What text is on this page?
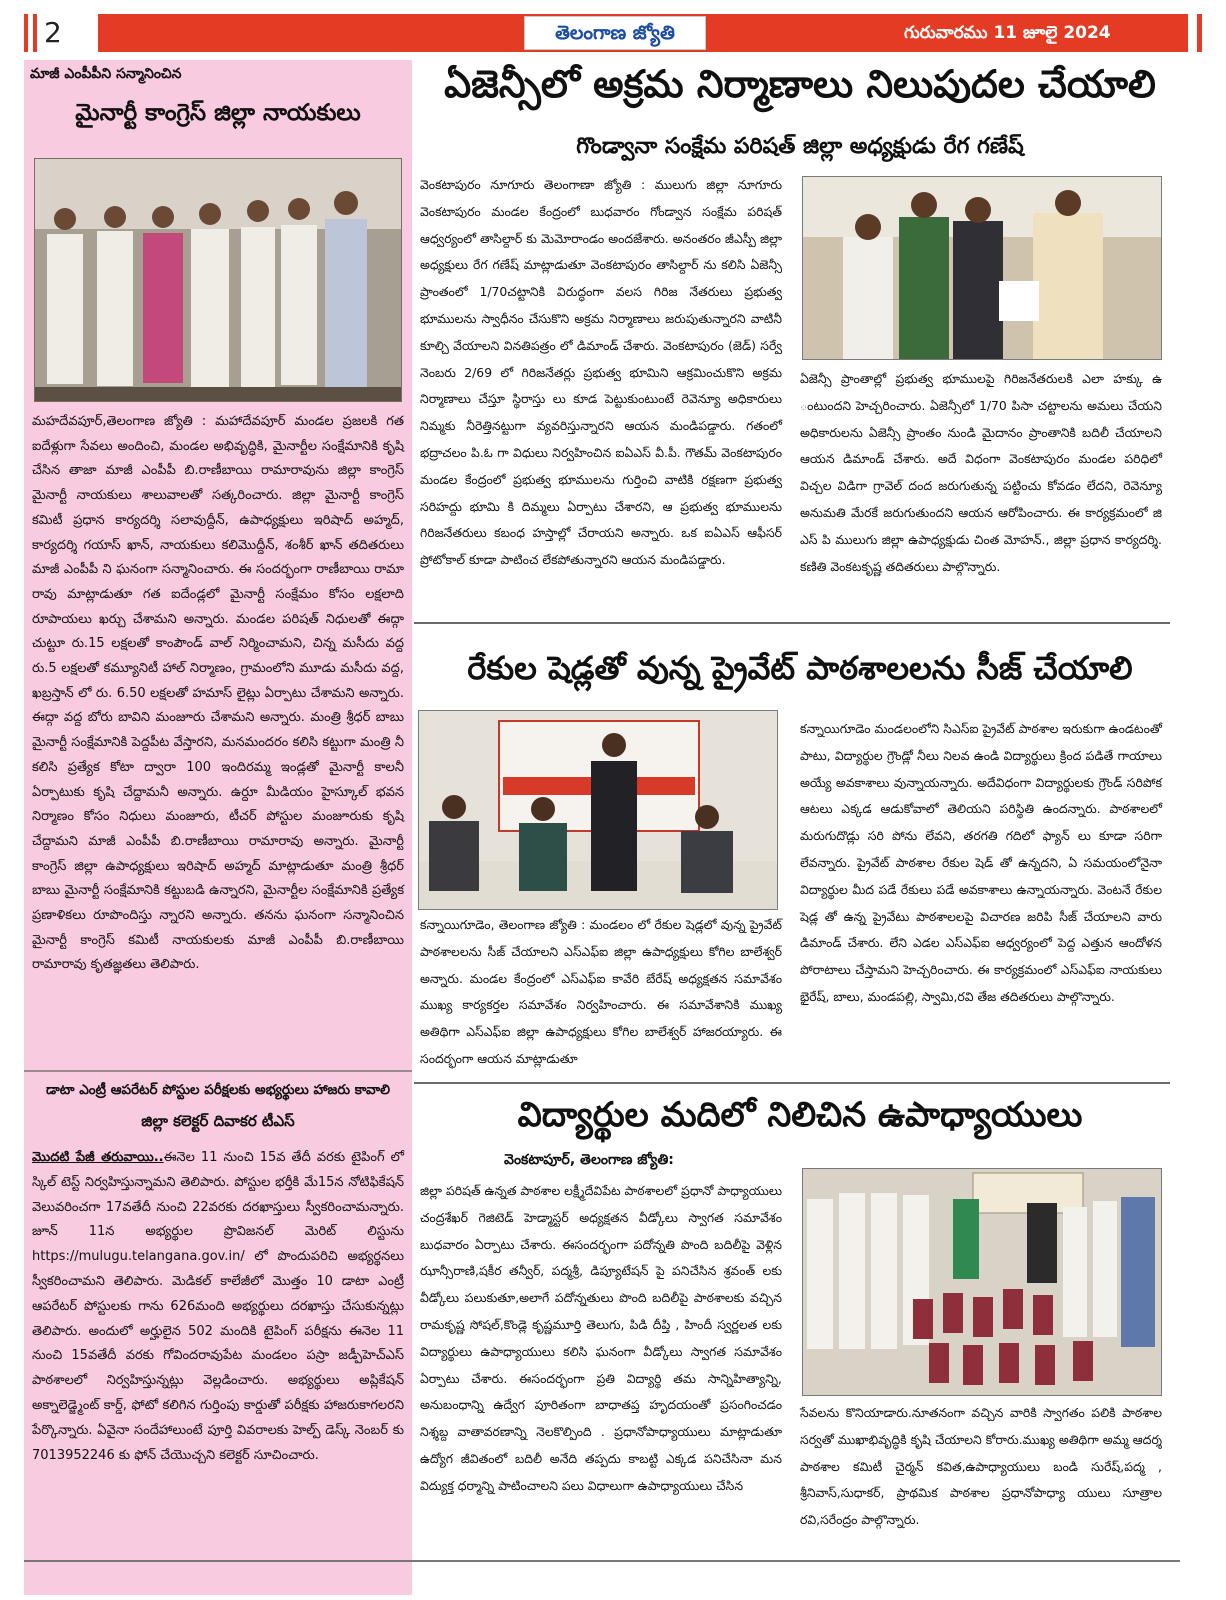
2	తెలంగాణ జ్యోతి	గురువారము 11 జూలై 2024
మాజీ ఎంపీపీని సన్మానించిన
మైనార్టీ కాంగ్రెస్ జిల్లా నాయకులు
మహదేవపూర్,తెలంగాణ జ్యోతి : మహాదేవపూర్ మండల ప్రజలకి గత ఐదేళ్లుగా సేవలు అందించి, మండల అభివృద్ధికి, మైనార్టీల సంక్షేమానికి కృషి చేసిన తాజా మాజీ ఎంపీపీ బి.రాణీబాయి రామారావును జిల్లా కాంగ్రెస్ మైనార్టీ నాయకులు శాలువాలతో సత్కరించారు. జిల్లా మైనార్టీ కాంగ్రెస్ కమిటీ ప్రధాన కార్యదర్శి సలావుద్దీన్, ఉపాధ్యక్షులు ఇరిషాద్ అహ్మద్, కార్యదర్శి గయాస్ ఖాన్, నాయకులు కలిమొద్దీన్, శంశీర్ ఖాన్ తదితరులు మాజీ ఎంపీపీ ని ఘనంగా సన్మానించారు. ఈ సందర్భంగా రాణీబాయి రామా రావు మాట్లాడుతూ గత ఐదేండ్లలో మైనార్టీ సంక్షేమం కోసం లక్షలాది రూపాయలు ఖర్చు చేశామని అన్నారు. మండల పరిషత్ నిధులతో ఈద్గా చుట్టూ రు.15 లక్షలతో కాంపౌండ్ వాల్ నిర్మించామని, చిన్న మసీదు వద్ద రు.5 లక్షలతో కమ్యూనిటీ హాల్ నిర్మాణం, గ్రామంలోని మూడు మసీదు వద్ద, ఖబ్రస్తాన్ లో రు. 6.50 లక్షలతో హమాస్ లైట్లు ఏర్పాటు చేశామని అన్నారు. ఈద్గా వద్ద బోరు బావిని మంజూరు చేశామని అన్నారు. మంత్రి శ్రీధర్ బాబు మైనార్టీ సంక్షేమానికి పెద్దపీట వేస్తారని, మనమందరం కలిసి కట్టుగా మంత్రి నీ కలిసి ప్రత్యేక కోటా ద్వారా 100 ఇందిరమ్మ ఇండ్లతో మైనార్టీ కాలనీ ఏర్పాటుకు కృషి చేద్దామనీ అన్నారు. ఉర్దూ మీడియం హైస్కూల్ భవన నిర్మాణం కోసం నిధులు మంజూరు, టీచర్ పోస్టుల మంజూరుకు కృషి చేద్దామని మాజీ ఎంపీపీ బి.రాణీబాయి రామారావు అన్నారు. మైనార్టీ కాంగ్రెస్ జిల్లా ఉపాధ్యక్షులు ఇరిషాద్ అహ్మద్ మాట్లాడుతూ మంత్రి శ్రీధర్ బాబు మైనార్టీ సంక్షేమానికి కట్టుబడి ఉన్నారని, మైనార్టీల సంక్షేమానికి ప్రత్యేక ప్రణాళికలు రూపొందిస్తు న్నారని అన్నారు. తనను ఘనంగా సన్మానించిన మైనార్టీ కాంగ్రెస్ కమిటీ నాయకులకు మాజీ ఎంపీపీ బి.రాణీబాయి రామారావు కృతజ్ఞతలు తెలిపారు.
డాటా ఎంట్రీ ఆపరేటర్ పోస్టుల పరీక్షలకు అభ్యర్థులు హాజరు కావాలి
జిల్లా కలెక్టర్ దివాకర టీఎస్
మొదటి పేజీ తరువాయి..ఈనెల 11 నుంచి 15వ తేదీ వరకు టైపింగ్ లో స్కిల్ టెస్ట్ నిర్వహిస్తున్నామని తెలిపారు. పోస్టుల భర్తీకి మే15న నోటిఫికేషన్ వెలువరించగా 17వతేదీ నుంచి 22వరకు దరఖాస్తులు స్వీకరించామన్నారు. జూన్ 11న అభ్యర్థుల ప్రొవిజనల్ మెరిట్ లిస్టును https://mulugu.telangana.gov.in/ లో పొందుపరిచి అభ్యర్థనలు స్వీకరించామని తెలిపారు. మెడికల్ కాలేజీలో మొత్తం 10 డాటా ఎంట్రీ ఆపరేటర్ పోస్టులకు గాను 626మంది అభ్యర్థులు దరఖాస్తు చేసుకున్నట్లు తెలిపారు. అందులో అర్హులైన 502 మందికి టైపింగ్ పరీక్షను ఈనెల 11 నుంచి 15వతేదీ వరకు గోవిందరావుపేట మండలం పస్రా జడ్పీహెచ్ఎస్ పాఠశాలలో నిర్వహిస్తున్నట్లు వెల్లడించారు. అభ్యర్థులు అప్లికేషన్ అక్నాలెడ్జ్మెంట్ కార్డ్, ఫోటో కలిగిన గుర్తింపు కార్డుతో పరీక్షకు హాజరుకాగలరని పేర్కొన్నారు. ఏవైనా సందేహాలుంటే పూర్తి వివరాలకు హెల్ప్ డెస్క్ నెంబర్ కు 7013952246 కు ఫోన్ చేయొచ్చని కలెక్టర్ సూచించారు.
ఏజెన్సీలో అక్రమ నిర్మాణాలు నిలుపుదల చేయాలి
గొండ్వానా సంక్షేమ పరిషత్ జిల్లా అధ్యక్షుడు రేగ గణేష్
వెంకటాపురం నూగూరు తెలంగాణా జ్యోతి : ములుగు జిల్లా నూగూరు వెంకటాపురం మండల కేంద్రంలో బుధవారం గోండ్వాన సంక్షేమ పరిషత్ ఆధ్వర్యంలో తాసిల్దార్ కు మెమోరాండం అందజేశారు. అనంతరం జీఎస్పీ జిల్లా అధ్యక్షులు రేగ గణేష్ మాట్లాడుతూ వెంకటాపురం తాసిల్దార్ ను కలిసి ఏజెన్సీ ప్రాంతంలో 1/70చట్టానికి విరుద్ధంగా వలస గిరిజ నేతరులు ప్రభుత్వ భూములను స్వాధీనం చేసుకొని అక్రమ నిర్మాణాలు జరుపుతున్నారని వాటినీ కూల్చి వేయాలని వినతిపత్రం లో డిమాండ్ చేశారు. వెంకటాపురం (జెడ్) సర్వే నెంబరు 2/69 లో గిరిజనేతర్లు ప్రభుత్వ భూమిని ఆక్రమించుకొని అక్రమ నిర్మాణాలు చేస్తూ స్థిరాస్తు లు కూడ పెట్టుకుంటుంటే రెవెన్యూ అధికారులు నిమ్మకు నీరెత్తినట్టుగా వ్యవరిస్తున్నారని ఆయన మండిపడ్డారు. గతంలో భద్రాచలం పి.ఓ గా విధులు నిర్వహించిన ఐఏఎస్ వీ.పీ. గౌతమ్ వెంకటాపురం మండల కేంద్రంలో ప్రభుత్వ భూములను గుర్తించి వాటికి రక్షణగా ప్రభుత్వ సరిహద్దు భూమి కి దిమ్మలు ఏర్పాటు చేశారని, ఆ ప్రభుత్వ భూములను గిరిజనేతరులు కబంధ హస్తాల్లో చేరాయని అన్నారు. ఒక ఐఏఎస్ ఆఫీసర్ ప్రోటోకాల్ కూడా పాటించ లేకపోతున్నారని ఆయన మండిపడ్డారు.
ఏజెన్సీ ప్రాంతాల్లో ప్రభుత్వ భూములపై గిరిజనేతరులకి ఎలా హక్కు ఉ ంటుందని హెచ్చరించారు. ఏజెన్సీలో 1/70 పిసా చట్టాలను అమలు చేయని అధికారులను ఏజెన్సీ ప్రాంతం నుండి మైదానం ప్రాంతానికి బదిలీ చేయాలని ఆయన డిమాండ్ చేశారు. అదే విధంగా వెంకటాపురం మండల పరిధిలో విచ్చల విడిగా గ్రావెల్ దంద జరుగుతున్న పట్టించు కోవడం లేదని, రెవెన్యూ అనుమతి మేరకే జరుగుతుందని ఆయన ఆరోపించారు. ఈ కార్యక్రమంలో జి ఎస్ పి ములుగు జిల్లా ఉపాధ్యక్షుడు చింత మోహన్., జిల్లా ప్రధాన కార్యదర్శి. కణితి వెంకటకృష్ణ తదితరులు పాల్గొన్నారు.
రేకుల షెడ్లతో వున్న ప్రైవేట్ పాఠశాలలను సీజ్ చేయాలి
కన్నాయిగూడెం, తెలంగాణ జ్యోతి : మండలం లో రేకుల షెడ్లలో వున్న ప్రైవేట్ పాఠశాలలను సీజ్ చేయాలని ఎస్ఎఫ్ఐ జిల్లా ఉపాధ్యక్షులు కోగిల బాలేశ్వర్ అన్నారు. మండల కేంద్రంలో ఎస్ఎఫ్ఐ కావేరి బేరేష్ అధ్యక్షతన సమావేశం ముఖ్య కార్యకర్తల సమావేశం నిర్వహించారు. ఈ సమావేశానికి ముఖ్య అతిథిగా ఎస్ఎఫ్ఐ జిల్లా ఉపాధ్యక్షులు కోగిల బాలేశ్వర్ హాజరయ్యారు. ఈ సందర్భంగా ఆయన మాట్లాడుతూ
కన్నాయిగూడెం మండలంలోని సిఎస్ఐ ప్రైవేట్ పాఠశాల ఇరుకుగా ఉండటంతో పాటు, విద్యార్థుల గ్రౌండ్లో నీలు నిలవ ఉండి విద్యార్థులు క్రింద పడితే గాయాలు అయ్యే అవకాశాలు వున్నాయన్నారు. అదేవిధంగా విద్యార్థులకు గ్రౌండ్ సరిపోక ఆటలు ఎక్కడ ఆడుకోవాలో తెలియని పరిస్థితి ఉందన్నారు. పాఠశాలలో మరుగుదొడ్లు సరి పోను లేవని, తరగతి గదిలో ఫ్యాన్ లు కూడా సరిగా లేవన్నారు. ప్రైవేట్ పాఠశాల రేకుల షెడ్ తో ఉన్నదని, ఏ సమయంలోనైనా విద్యార్థుల మీద పడే రేకులు పడే అవకాశాలు ఉన్నాయన్నారు. వెంటనే రేకుల షెడ్ల తో ఉన్న ప్రైవేటు పాఠశాలలపై విచారణ జరిపి సీజ్ చేయాలని వారు డిమాండ్ చేశారు. లేని ఎడల ఎస్ఎఫ్ఐ ఆధ్వర్యంలో పెద్ద ఎత్తున ఆందోళన పోరాటాలు చేస్తామని హెచ్చరించారు. ఈ కార్యక్రమంలో ఎస్ఎఫ్ఐ నాయకులు భైరేష్, బాలు, మండపల్లి, స్వామి,రవి తేజ తదితరులు పాల్గొన్నారు.
విద్యార్థుల మదిలో నిలిచిన ఉపాధ్యాయులు
వెంకటాపూర్, తెలంగాణ జ్యోతి:
జిల్లా పరిషత్ ఉన్నత పాఠశాల లక్ష్మీదేవిపేట పాఠశాలలో ప్రధానో పాధ్యాయులు చంద్రశేఖర్ గెజిటెడ్ హెడ్మాస్టర్ అధ్యక్షతన వీడ్కోలు స్వాగత సమావేశం బుధవారం ఏర్పాటు చేశారు. ఈసందర్భంగా పదోన్నతి పొంది బదిలీపై వెళ్లిన ఝాన్సీరాణి,షకీర తన్వీర్, పద్మశ్రీ, డిప్యూటేషన్ పై పనిచేసిన శ్రవంత్ లకు వీడ్కోలు పలుకుతూ,అలాగే పదోన్నతులు పొంది బదిలీపై పాఠశాలకు వచ్చిన రామకృష్ణ సోషల్,కొండ్లె కృష్ణమూర్తి తెలుగు, పిడి దీప్తి , హిందీ స్వర్ణలత లకు విద్యార్థులు ఉపాధ్యాయులు కలిసి ఘనంగా వీడ్కోలు స్వాగత సమావేశం ఏర్పాటు చేశారు. ఈసందర్భంగా ప్రతి విద్యార్థి తమ సాన్నిహిత్యాన్ని, అనుబంధాన్ని ఉద్వేగ పూరితంగా బాధాతప్త హృదయంతో ప్రసంగించడం నిశ్శబ్ద వాతావరణాన్ని నెలకొల్పింది . ప్రధానోపాధ్యాయులు మాట్లాడుతూ ఉద్యోగ జీవితంలో బదిలీ అనేది తప్పదు కాబట్టి ఎక్కడ పనిచేసినా మన విద్యుక్త ధర్మాన్ని పాటించాలని పలు విధాలుగా ఉపాధ్యాయులు చేసిన
సేవలను కొనియాడారు.నూతనంగా వచ్చిన వారికి స్వాగతం పలికి పాఠశాల సర్వతో ముఖాభివృద్ధికి కృషి చేయాలని కోరారు.ముఖ్య అతిథిగా అమ్మ ఆదర్శ పాఠశాల కమిటీ చైర్మన్ కవిత,ఉపాధ్యాయులు బండి సురేష్,పద్మ , శ్రీనివాస్,సుధాకర్, ప్రాథమిక పాఠశాల ప్రధానోపాధ్యా యులు సూత్రాల రవి,సరేంద్రం పాల్గొన్నారు.
